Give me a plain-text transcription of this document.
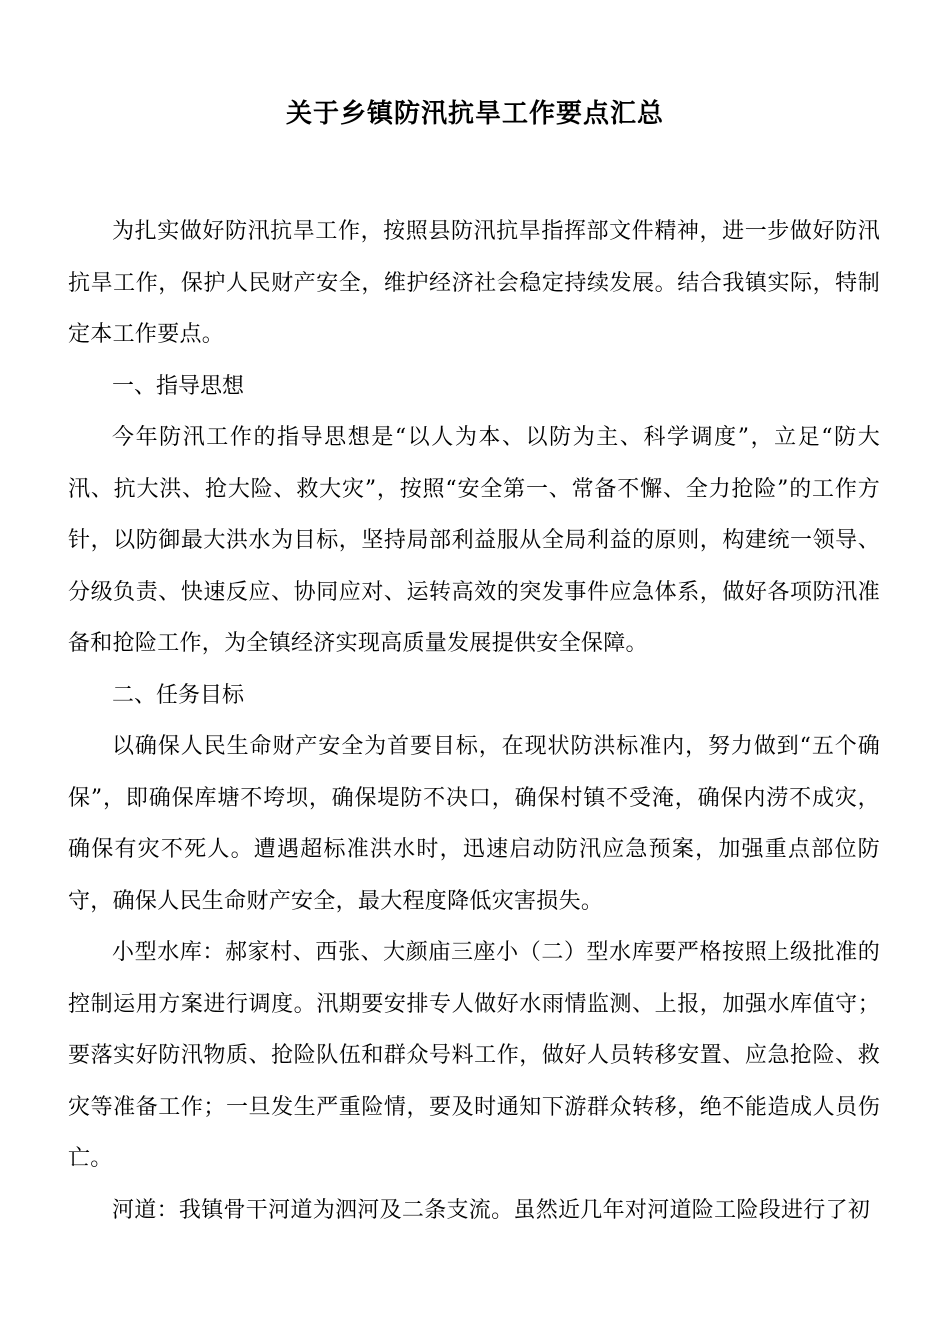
关于乡镇防汛抗旱工作要点汇总

为扎实做好防汛抗旱工作，按照县防汛抗旱指挥部文件精神，进一步做好防汛抗旱工作，保护人民财产安全，维护经济社会稳定持续发展。结合我镇实际，特制定本工作要点。

一、指导思想

今年防汛工作的指导思想是“以人为本、以防为主、科学调度”，立足“防大汛、抗大洪、抢大险、救大灾”，按照“安全第一、常备不懈、全力抢险”的工作方针，以防御最大洪水为目标，坚持局部利益服从全局利益的原则，构建统一领导、分级负责、快速反应、协同应对、运转高效的突发事件应急体系，做好各项防汛准备和抢险工作，为全镇经济实现高质量发展提供安全保障。

二、任务目标

以确保人民生命财产安全为首要目标，在现状防洪标准内，努力做到“五个确保”，即确保库塘不垮坝，确保堤防不决口，确保村镇不受淹，确保内涝不成灾，确保有灾不死人。遭遇超标准洪水时，迅速启动防汛应急预案，加强重点部位防守，确保人民生命财产安全，最大程度降低灾害损失。

小型水库：郝家村、西张、大颜庙三座小（二）型水库要严格按照上级批准的控制运用方案进行调度。汛期要安排专人做好水雨情监测、上报，加强水库值守；要落实好防汛物质、抢险队伍和群众号料工作，做好人员转移安置、应急抢险、救灾等准备工作；一旦发生严重险情，要及时通知下游群众转移，绝不能造成人员伤亡。

河道：我镇骨干河道为泗河及二条支流。虽然近几年对河道险工险段进行了初
